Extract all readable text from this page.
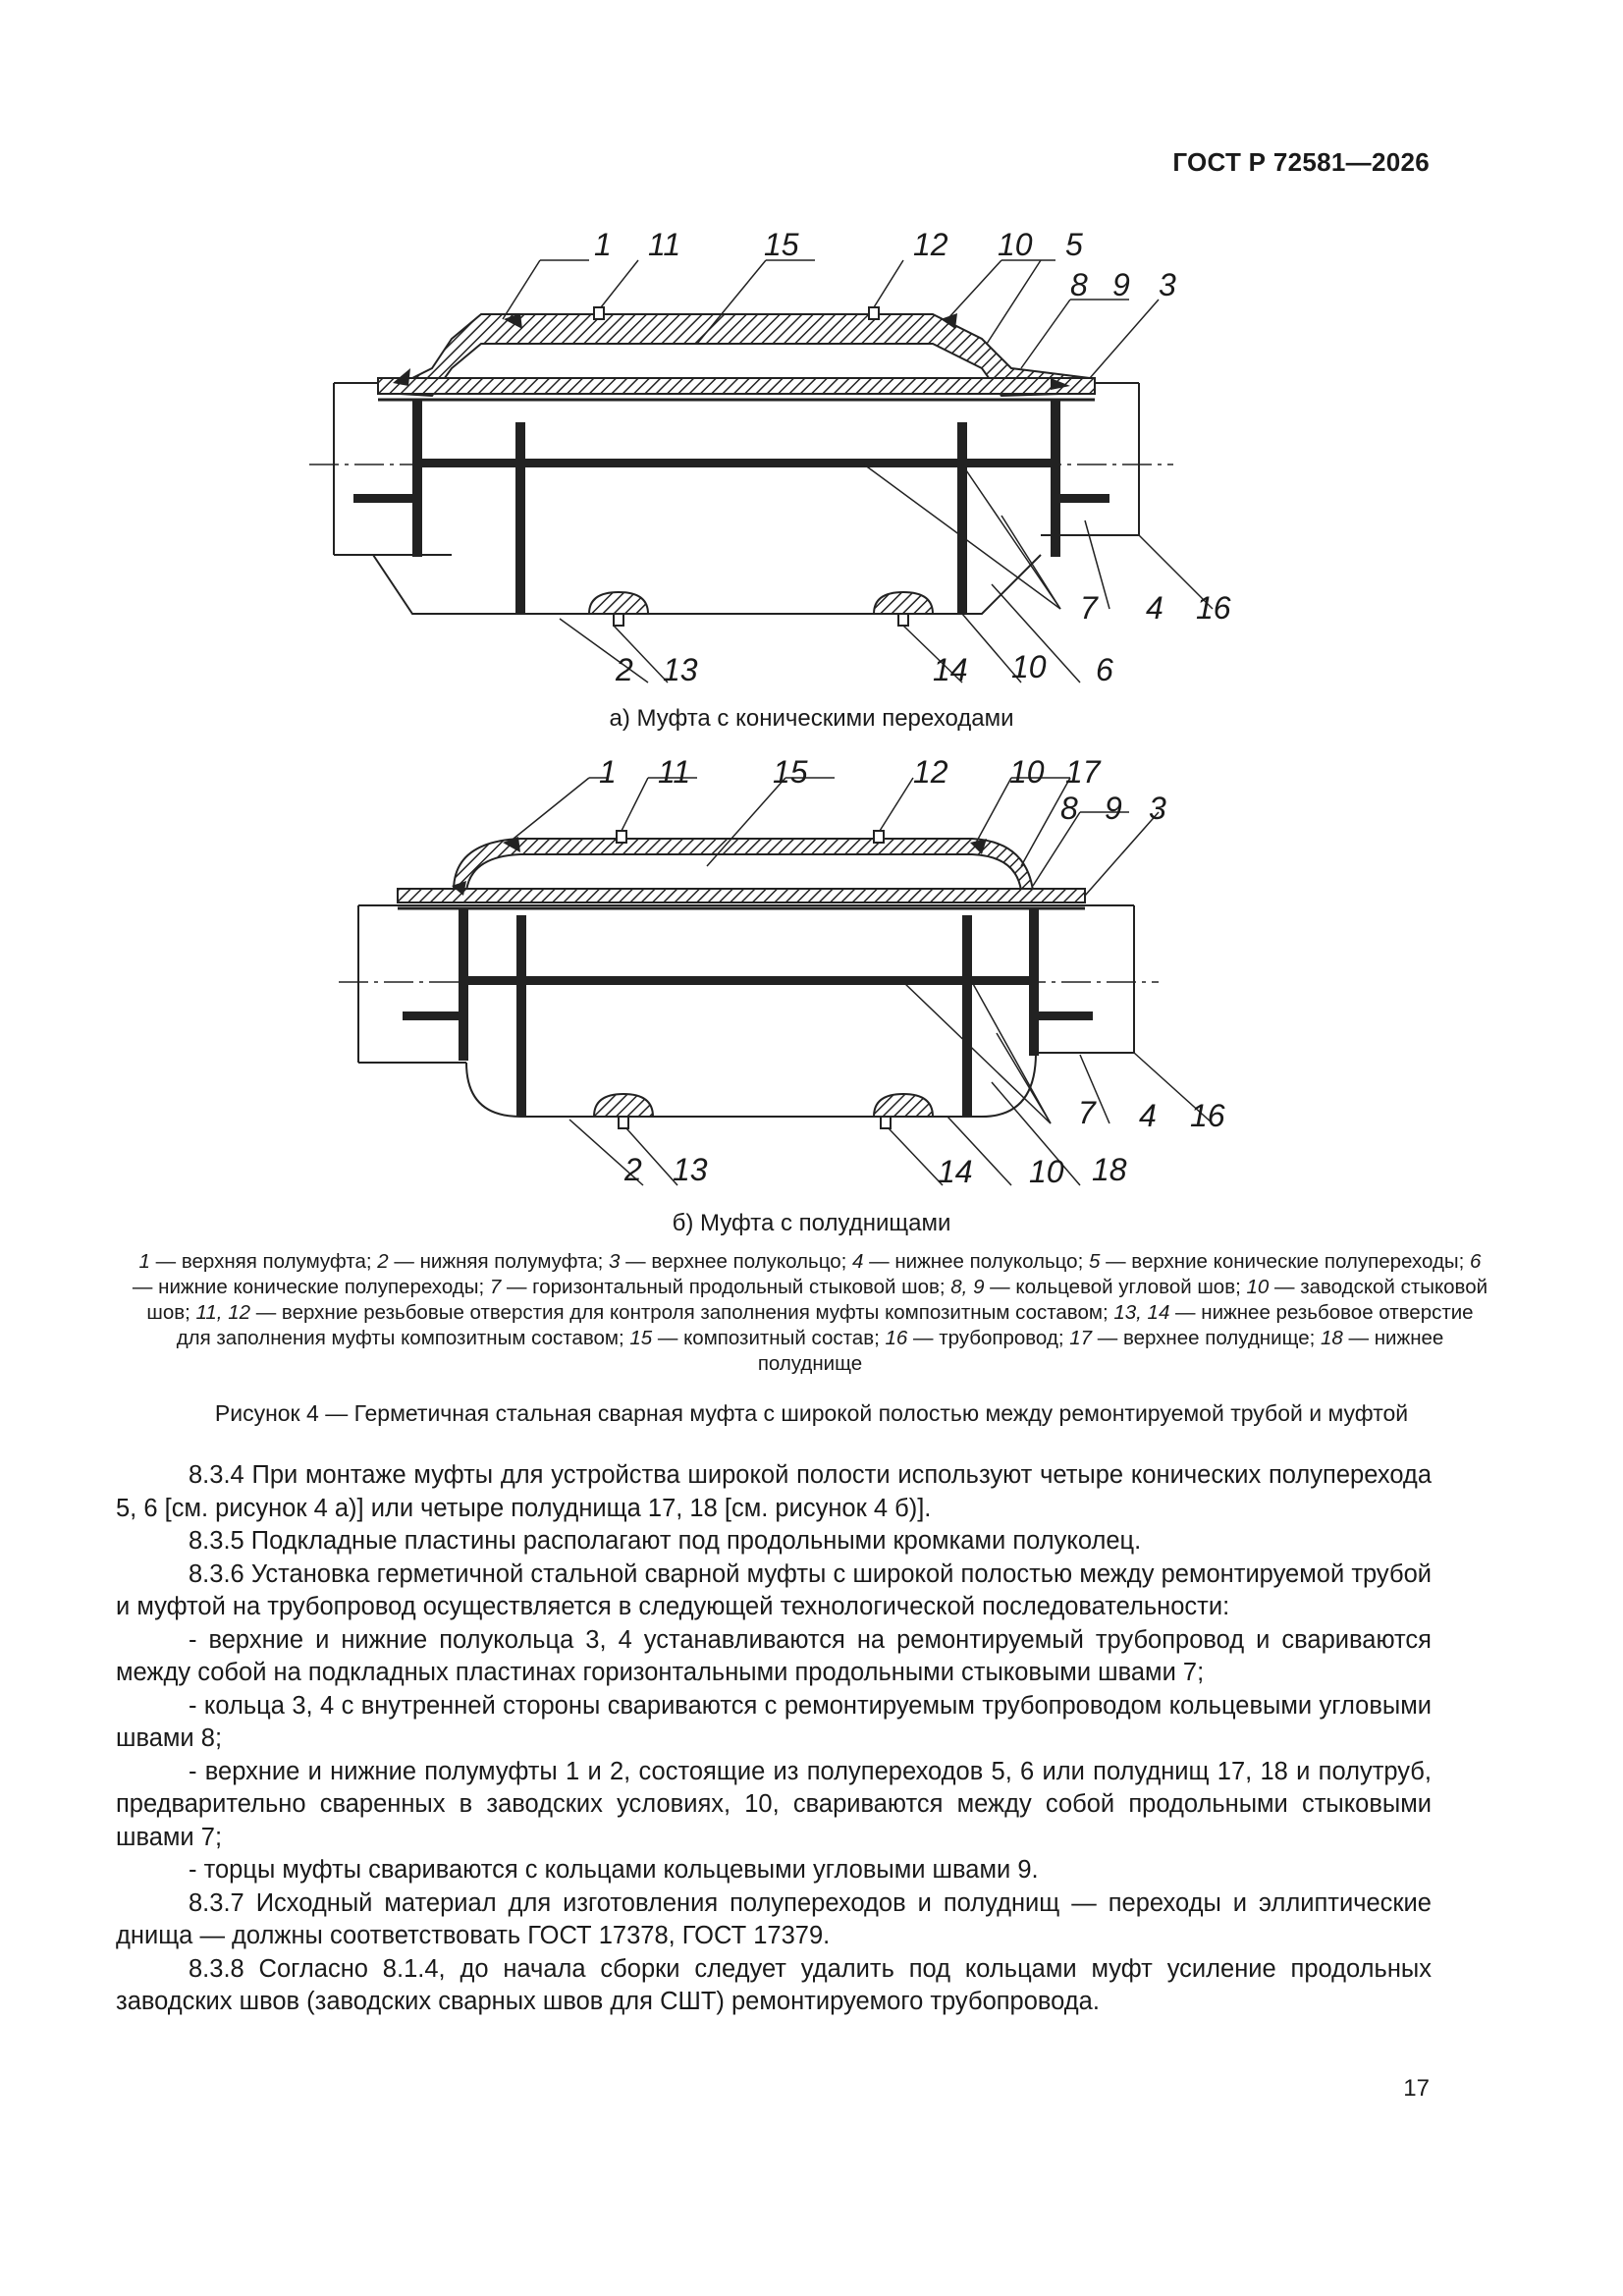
ГОСТ Р 72581—2026
1 11	15	12 10 5
8 9 3
7 4 16
2 13	14 10 6
а) Муфта с коническими переходами
1 11	15	12 10 17
8 9 3
7 4 16
2 13	14 10 18
б) Муфта с полуднищами
1 — верхняя полумуфта; 2 — нижняя полумуфта; 3 — верхнее полукольцо; 4 — нижнее полукольцо; 5 — верхние конические полупереходы; 6 — нижние конические полупереходы; 7 — горизонтальный продольный стыковой шов; 8, 9 — кольцевой угловой шов; 10 — заводской стыковой шов; 11, 12 — верхние резьбовые отверстия для контроля заполнения муфты композитным составом; 13, 14 — нижнее резьбовое отверстие для заполнения муфты композитным составом; 15 — композитный состав; 16 — трубопровод; 17 — верхнее полуднище; 18 — нижнее полуднище
Рисунок 4 — Герметичная стальная сварная муфта с широкой полостью между ремонтируемой трубой и муфтой

8.3.4 При монтаже муфты для устройства широкой полости используют четыре конических полуперехода 5, 6 [см. рисунок 4 а)] или четыре полуднища 17, 18 [см. рисунок 4 б)].

8.3.5 Подкладные пластины располагают под продольными кромками полуколец.

8.3.6 Установка герметичной стальной сварной муфты с широкой полостью между ремонтируемой трубой и муфтой на трубопровод осуществляется в следующей технологической последовательности:

- верхние и нижние полукольца 3, 4 устанавливаются на ремонтируемый трубопровод и свариваются между собой на подкладных пластинах горизонтальными продольными стыковыми швами 7;

- кольца 3, 4 с внутренней стороны свариваются с ремонтируемым трубопроводом кольцевыми угловыми швами 8;

- верхние и нижние полумуфты 1 и 2, состоящие из полупереходов 5, 6 или полуднищ 17, 18 и полутруб, предварительно сваренных в заводских условиях, 10, свариваются между собой продольными стыковыми швами 7;

- торцы муфты свариваются с кольцами кольцевыми угловыми швами 9.

8.3.7 Исходный материал для изготовления полупереходов и полуднищ — переходы и эллиптические днища — должны соответствовать ГОСТ 17378, ГОСТ 17379.

8.3.8 Согласно 8.1.4, до начала сборки следует удалить под кольцами муфт усиление продольных заводских швов (заводских сварных швов для СШТ) ремонтируемого трубопровода.

17
